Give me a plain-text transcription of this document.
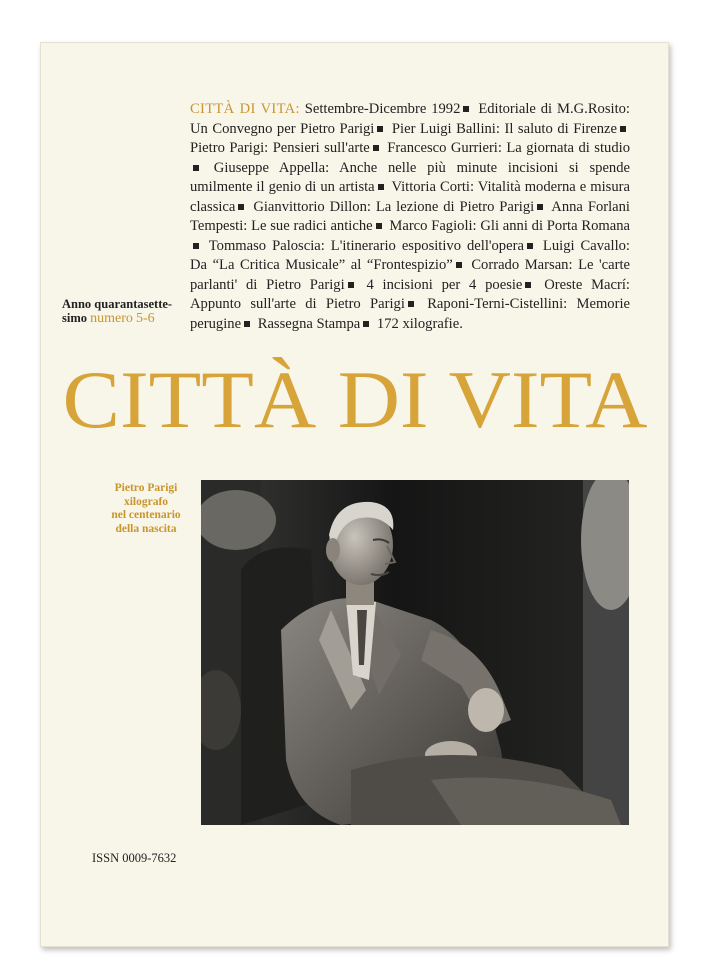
CITTÀ DI VITA: Settembre-Dicembre 1992 Editoriale di M.G.Rosito: Un Convegno per Pietro Parigi Pier Luigi Ballini: Il saluto di Firenze Pietro Parigi: Pensieri sull'arte Francesco Gurrieri: La giornata di studio Giuseppe Appella: Anche nelle più minute incisioni si spende umilmente il genio di un artista Vittoria Corti: Vitalità moderna e misura classica Gianvittorio Dillon: La lezione di Pietro Parigi Anna Forlani Tempesti: Le sue radici antiche Marco Fagioli: Gli anni di Porta Romana Tommaso Paloscia: L'itinerario espositivo dell'opera Luigi Cavallo: Da “La Critica Musicale” al “Frontespizio” Corrado Marsan: Le 'carte parlanti' di Pietro Parigi 4 incisioni per 4 poesie Oreste Macrí: Appunto sull'arte di Pietro Parigi Raponi-Terni-Cistellini: Memorie perugine Rassegna Stampa 172 xilografie.
Anno quarantasette-simo numero 5-6
CITTÀ DI VITA
Pietro Parigi
xilografo
nel centenario
della nascita
ISSN 0009-7632
